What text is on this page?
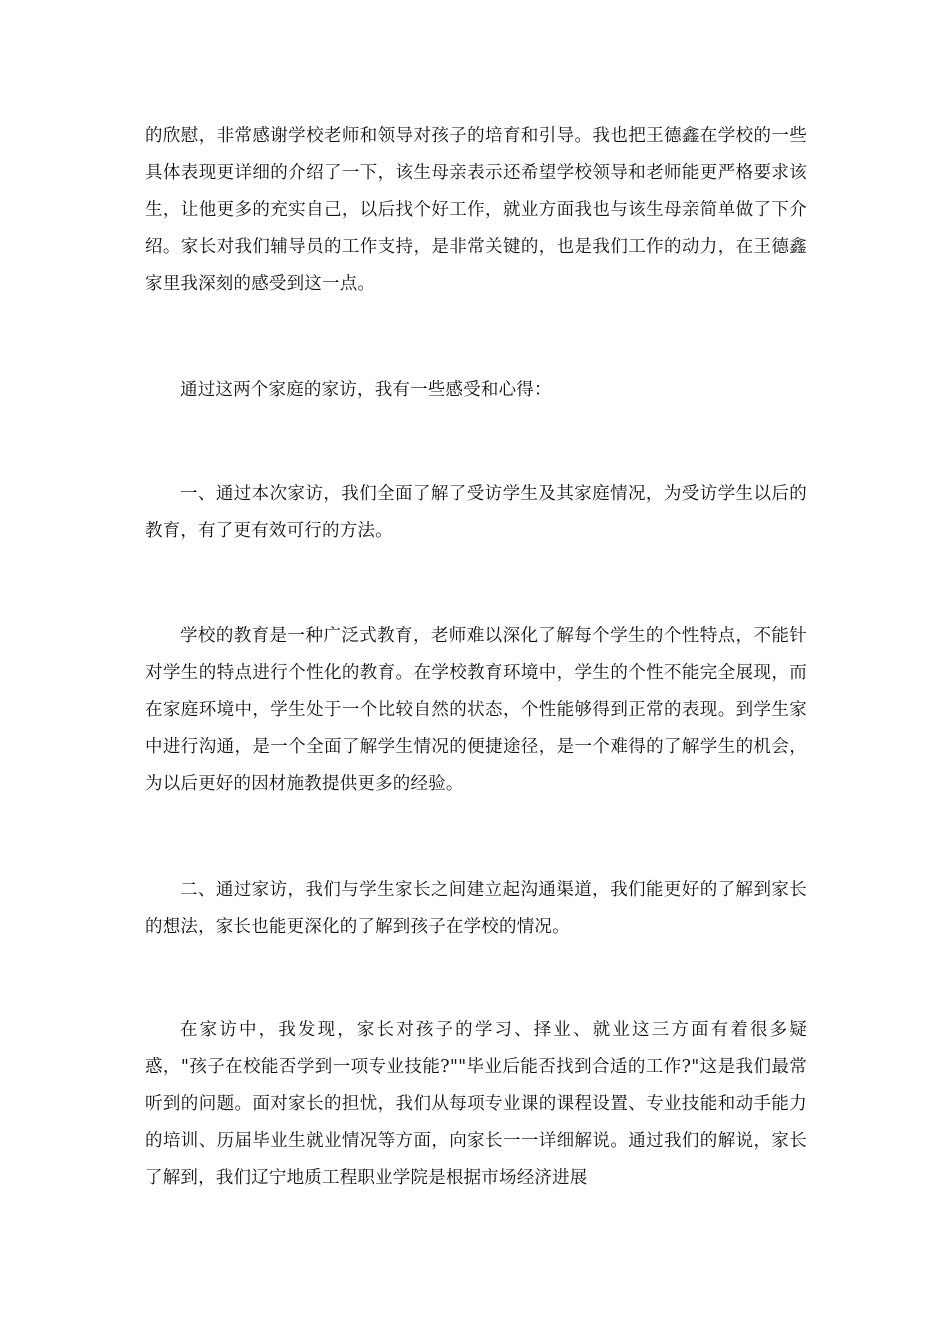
的欣慰，非常感谢学校老师和领导对孩子的培育和引导。我也把王德鑫在学校的一些具体表现更详细的介绍了一下，该生母亲表示还希望学校领导和老师能更严格要求该生，让他更多的充实自己，以后找个好工作，就业方面我也与该生母亲简单做了下介绍。家长对我们辅导员的工作支持，是非常关键的，也是我们工作的动力，在王德鑫家里我深刻的感受到这一点。

通过这两个家庭的家访，我有一些感受和心得：

一、通过本次家访，我们全面了解了受访学生及其家庭情况，为受访学生以后的教育，有了更有效可行的方法。

学校的教育是一种广泛式教育，老师难以深化了解每个学生的个性特点，不能针对学生的特点进行个性化的教育。在学校教育环境中，学生的个性不能完全展现，而在家庭环境中，学生处于一个比较自然的状态，个性能够得到正常的表现。到学生家中进行沟通，是一个全面了解学生情况的便捷途径，是一个难得的了解学生的机会，为以后更好的因材施教提供更多的经验。

二、通过家访，我们与学生家长之间建立起沟通渠道，我们能更好的了解到家长的想法，家长也能更深化的了解到孩子在学校的情况。

在家访中，我发现，家长对孩子的学习、择业、就业这三方面有着很多疑惑，"孩子在校能否学到一项专业技能?""毕业后能否找到合适的工作?"这是我们最常听到的问题。面对家长的担忧，我们从每项专业课的课程设置、专业技能和动手能力的培训、历届毕业生就业情况等方面，向家长一一详细解说。通过我们的解说，家长了解到，我们辽宁地质工程职业学院是根据市场经济进展
